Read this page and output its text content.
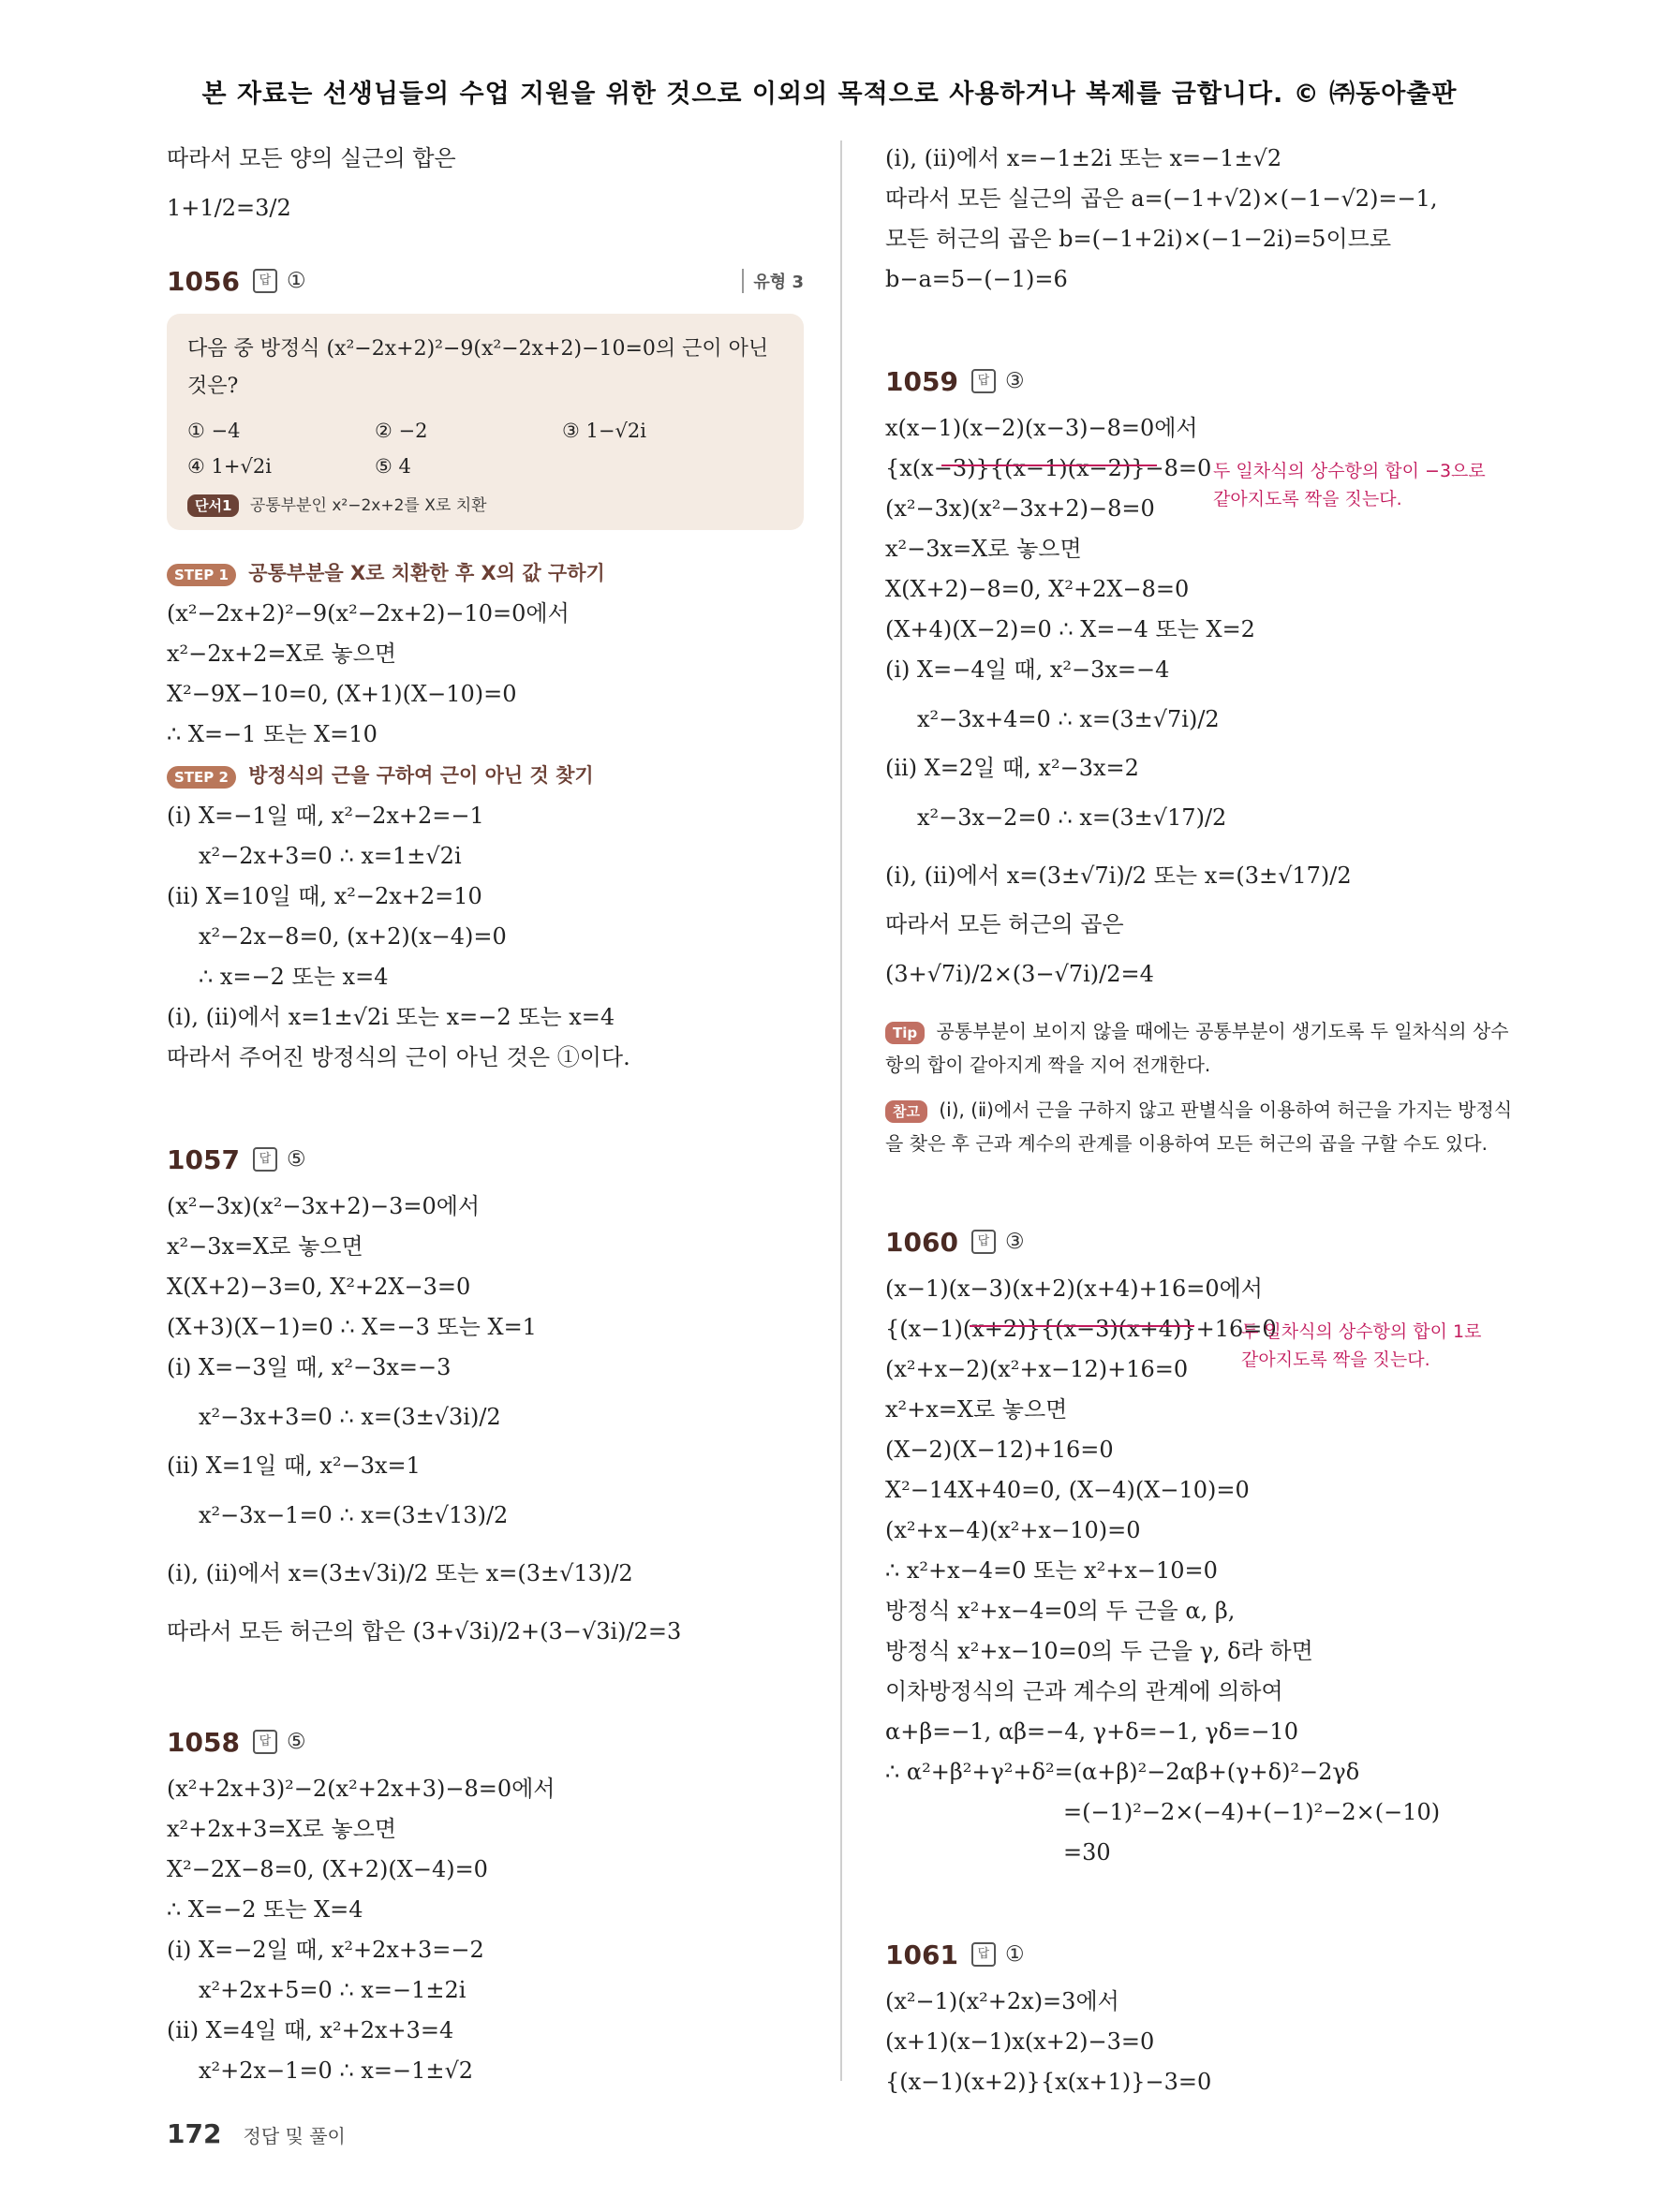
본 자료는 선생님들의 수업 지원을 위한 것으로 이외의 목적으로 사용하거나 복제를 금합니다. © ㈜동아출판
따라서 모든 양의 실근의 합은
1+1/2=3/2
1056	답 ①	유형 3
다음 중 방정식 (x²−2x+2)²−9(x²−2x+2)−10=0의 근이 아닌 것은?
① −4	② −2	③ 1−√2i
④ 1+√2i	⑤ 4
단서1 공통부분인 x²−2x+2를 X로 치환
STEP 1 공통부분을 X로 치환한 후 X의 값 구하기
(x²−2x+2)²−9(x²−2x+2)−10=0에서
x²−2x+2=X로 놓으면
X²−9X−10=0, (X+1)(X−10)=0
∴ X=−1 또는 X=10
STEP 2 방정식의 근을 구하여 근이 아닌 것 찾기
(ⅰ) X=−1일 때, x²−2x+2=−1
x²−2x+3=0 ∴ x=1±√2i
(ⅱ) X=10일 때, x²−2x+2=10
x²−2x−8=0, (x+2)(x−4)=0
∴ x=−2 또는 x=4
(ⅰ), (ⅱ)에서 x=1±√2i 또는 x=−2 또는 x=4
따라서 주어진 방정식의 근이 아닌 것은 ①이다.
1057	답 ⑤
(x²−3x)(x²−3x+2)−3=0에서
x²−3x=X로 놓으면
X(X+2)−3=0, X²+2X−3=0
(X+3)(X−1)=0 ∴ X=−3 또는 X=1
(ⅰ) X=−3일 때, x²−3x=−3
x²−3x+3=0 ∴ x=(3±√3i)/2
(ⅱ) X=1일 때, x²−3x=1
x²−3x−1=0 ∴ x=(3±√13)/2
(ⅰ), (ⅱ)에서 x=(3±√3i)/2 또는 x=(3±√13)/2
따라서 모든 허근의 합은 (3+√3i)/2+(3−√3i)/2=3
1058	답 ⑤
(x²+2x+3)²−2(x²+2x+3)−8=0에서
x²+2x+3=X로 놓으면
X²−2X−8=0, (X+2)(X−4)=0
∴ X=−2 또는 X=4
(ⅰ) X=−2일 때, x²+2x+3=−2
x²+2x+5=0 ∴ x=−1±2i
(ⅱ) X=4일 때, x²+2x+3=4
x²+2x−1=0 ∴ x=−1±√2
(ⅰ), (ⅱ)에서 x=−1±2i 또는 x=−1±√2
따라서 모든 실근의 곱은 a=(−1+√2)×(−1−√2)=−1,
모든 허근의 곱은 b=(−1+2i)×(−1−2i)=5이므로
b−a=5−(−1)=6
1059	답 ③
x(x−1)(x−2)(x−3)−8=0에서
{x(x−3)}{(x−1)(x−2)}−8=0
(x²−3x)(x²−3x+2)−8=0
두 일차식의 상수항의 합이 −3으로
같아지도록 짝을 짓는다.
x²−3x=X로 놓으면
X(X+2)−8=0, X²+2X−8=0
(X+4)(X−2)=0 ∴ X=−4 또는 X=2
(ⅰ) X=−4일 때, x²−3x=−4
x²−3x+4=0 ∴ x=(3±√7i)/2
(ⅱ) X=2일 때, x²−3x=2
x²−3x−2=0 ∴ x=(3±√17)/2
(ⅰ), (ⅱ)에서 x=(3±√7i)/2 또는 x=(3±√17)/2
따라서 모든 허근의 곱은
(3+√7i)/2×(3−√7i)/2=4
Tip 공통부분이 보이지 않을 때에는 공통부분이 생기도록 두 일차식의 상수항의 합이 같아지게 짝을 지어 전개한다.
참고 (ⅰ), (ⅱ)에서 근을 구하지 않고 판별식을 이용하여 허근을 가지는 방정식을 찾은 후 근과 계수의 관계를 이용하여 모든 허근의 곱을 구할 수도 있다.
1060	답 ③
(x−1)(x−3)(x+2)(x+4)+16=0에서
{(x−1)(x+2)}{(x−3)(x+4)}+16=0
(x²+x−2)(x²+x−12)+16=0
두 일차식의 상수항의 합이 1로
같아지도록 짝을 짓는다.
x²+x=X로 놓으면
(X−2)(X−12)+16=0
X²−14X+40=0, (X−4)(X−10)=0
(x²+x−4)(x²+x−10)=0
∴ x²+x−4=0 또는 x²+x−10=0
방정식 x²+x−4=0의 두 근을 α, β,
방정식 x²+x−10=0의 두 근을 γ, δ라 하면
이차방정식의 근과 계수의 관계에 의하여
α+β=−1, αβ=−4, γ+δ=−1, γδ=−10
∴ α²+β²+γ²+δ²=(α+β)²−2αβ+(γ+δ)²−2γδ
=(−1)²−2×(−4)+(−1)²−2×(−10)
=30
1061	답 ①
(x²−1)(x²+2x)=3에서
(x+1)(x−1)x(x+2)−3=0
{(x−1)(x+2)}{x(x+1)}−3=0
172 정답 및 풀이
